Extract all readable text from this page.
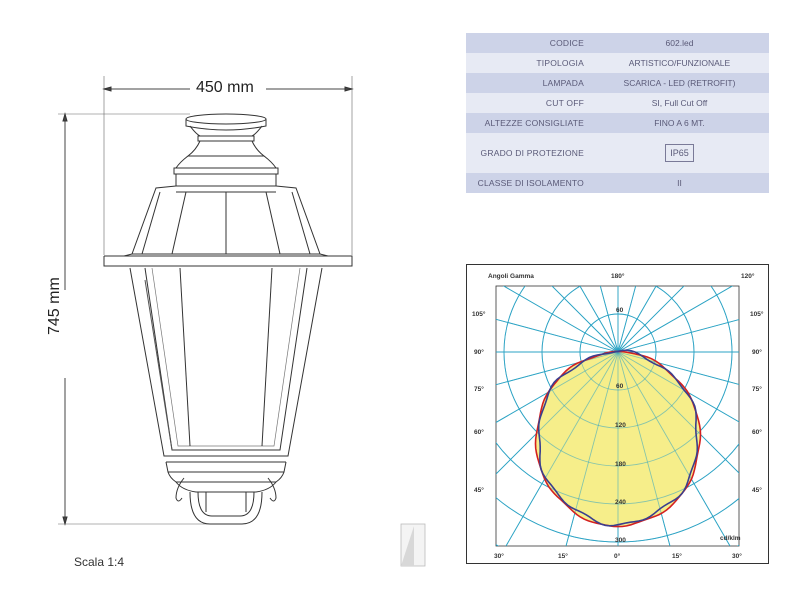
450 mm
745 mm
Scala 1:4
CODICE	602.led
TIPOLOGIA	ARTISTICO/FUNZIONALE
LAMPADA	SCARICA - LED (RETROFIT)
CUT OFF	SI, Full Cut Off
ALTEZZE CONSIGLIATE	FINO A 6 MT.
GRADO DI PROTEZIONE	IP65
CLASSE DI ISOLAMENTO	II
Angoli Gamma	180°	120°
105°
90°
75°
60°
45°
105°
90°
75°
60°
45°
30°	15°	0°	15°	30°
60
60
120
180
240
300	cd/klm
